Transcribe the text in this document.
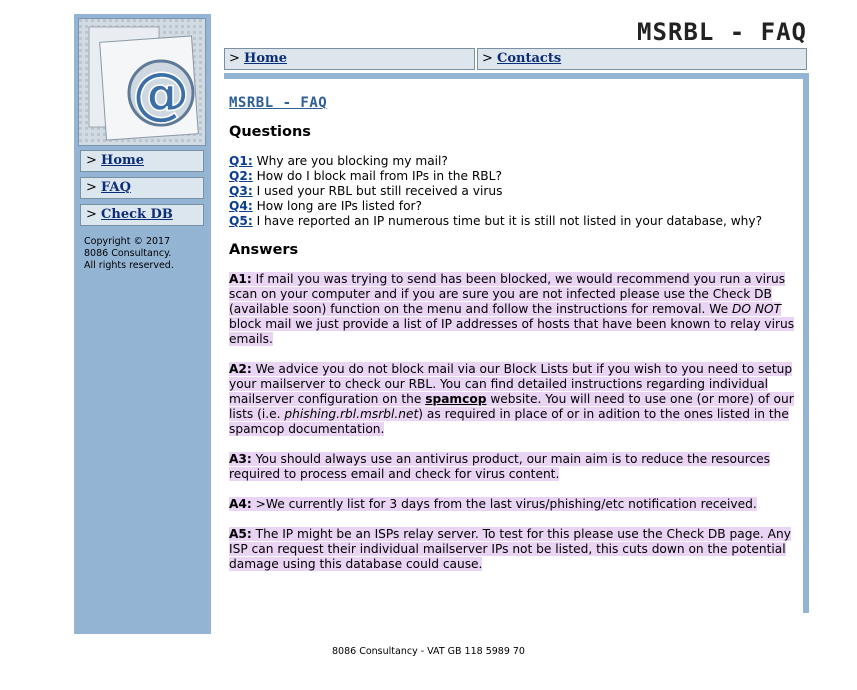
@
> Home
> FAQ
> Check DB
Copyright © 2017
8086 Consultancy.
All rights reserved.
MSRBL - FAQ
> Home	> Contacts
MSRBL - FAQ
Questions
Q1: Why are you blocking my mail?
Q2: How do I block mail from IPs in the RBL?
Q3: I used your RBL but still received a virus
Q4: How long are IPs listed for?
Q5: I have reported an IP numerous time but it is still not listed in your database, why?
Answers
A1: If mail you was trying to send has been blocked, we would recommend you run a virus scan on your computer and if you are sure you are not infected please use the Check DB (available soon) function on the menu and follow the instructions for removal. We DO NOT block mail we just provide a list of IP addresses of hosts that have been known to relay virus emails.
A2: We advice you do not block mail via our Block Lists but if you wish to you need to setup your mailserver to check our RBL. You can find detailed instructions regarding individual mailserver configuration on the spamcop website. You will need to use one (or more) of our lists (i.e. phishing.rbl.msrbl.net) as required in place of or in adition to the ones listed in the spamcop documentation.
A3: You should always use an antivirus product, our main aim is to reduce the resources required to process email and check for virus content.
A4: >We currently list for 3 days from the last virus/phishing/etc notification received.
A5: The IP might be an ISPs relay server. To test for this please use the Check DB page. Any ISP can request their individual mailserver IPs not be listed, this cuts down on the potential damage using this database could cause.
8086 Consultancy - VAT GB 118 5989 70
